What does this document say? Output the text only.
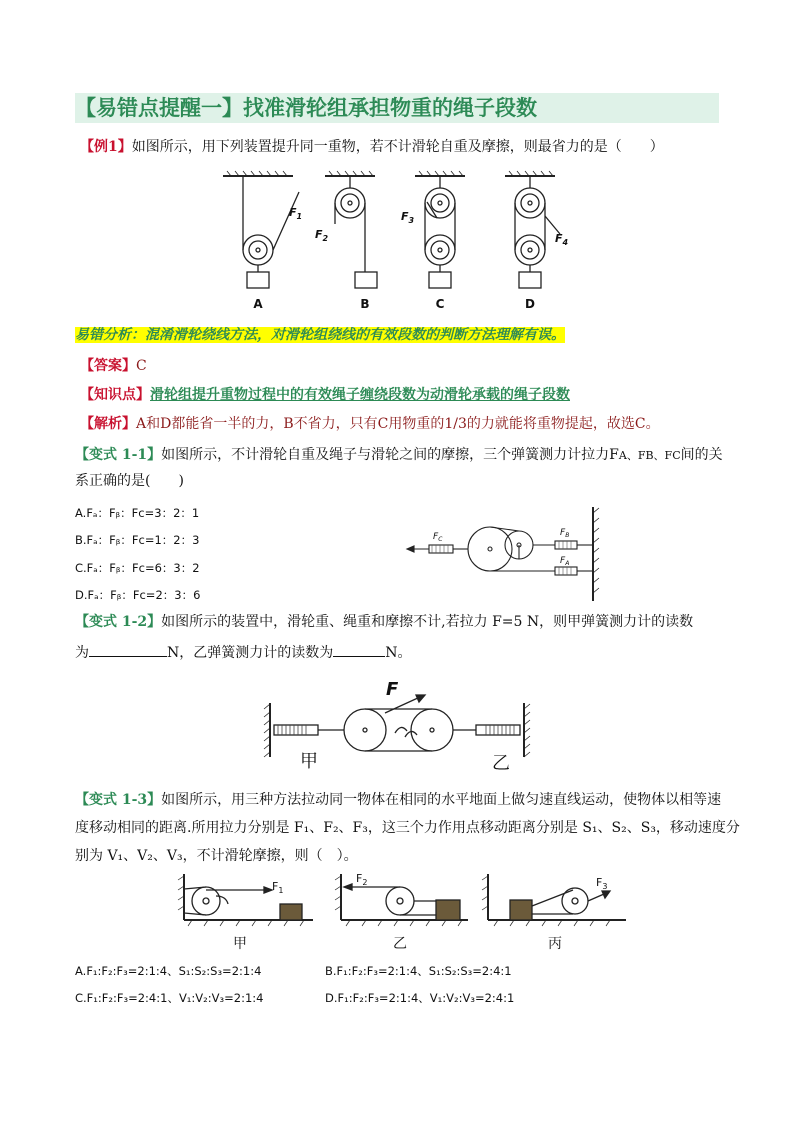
【易错点提醒一】找准滑轮组承担物重的绳子段数
【例1】如图所示，用下列装置提升同一重物，若不计滑轮自重及摩擦，则最省力的是（　　）
$F_1$
$F_2$
$F_3$
$F_4$
A	B	C	D
易错分析：混淆滑轮绕线方法，对滑轮组绕线的有效段数的判断方法理解有误。
【答案】C
【知识点】滑轮组提升重物过程中的有效绳子缠绕段数为动滑轮承载的绳子段数
【解析】A和D都能省一半的力，B不省力，只有C用物重的1/3的力就能将重物提起，故选C。
【变式 1-1】如图所示，不计滑轮自重及绳子与滑轮之间的摩擦，三个弹簧测力计拉力FA、FB、FC间的关
系正确的是(　　)
A.Fₐ：Fᵦ：Fc=3：2：1
B.Fₐ：Fᵦ：Fc=1：2：3
C.Fₐ：Fᵦ：Fc=6：3：2
D.Fₐ：Fᵦ：Fc=2：3：6
$F_C$
$F_B$
$F_A$
【变式 1-2】如图所示的装置中，滑轮重、绳重和摩擦不计,若拉力 F=5 N，则甲弹簧测力计的读数
为	N，乙弹簧测力计的读数为	N。
F
甲	乙
【变式 1-3】如图所示，用三种方法拉动同一物体在相同的水平地面上做匀速直线运动，使物体以相等速
度移动相同的距离.所用拉力分别是 F₁、F₂、F₃，这三个力作用点移动距离分别是 S₁、S₂、S₃，移动速度分
别为 V₁、V₂、V₃，不计滑轮摩擦，则（　）。
$F_1$
$F_2$	$F_3$
甲	乙	丙
A.F₁:F₂:F₃=2:1:4、S₁:S₂:S₃=2:1:4	B.F₁:F₂:F₃=2:1:4、S₁:S₂:S₃=2:4:1
C.F₁:F₂:F₃=2:4:1、V₁:V₂:V₃=2:1:4	D.F₁:F₂:F₃=2:1:4、V₁:V₂:V₃=2:4:1
